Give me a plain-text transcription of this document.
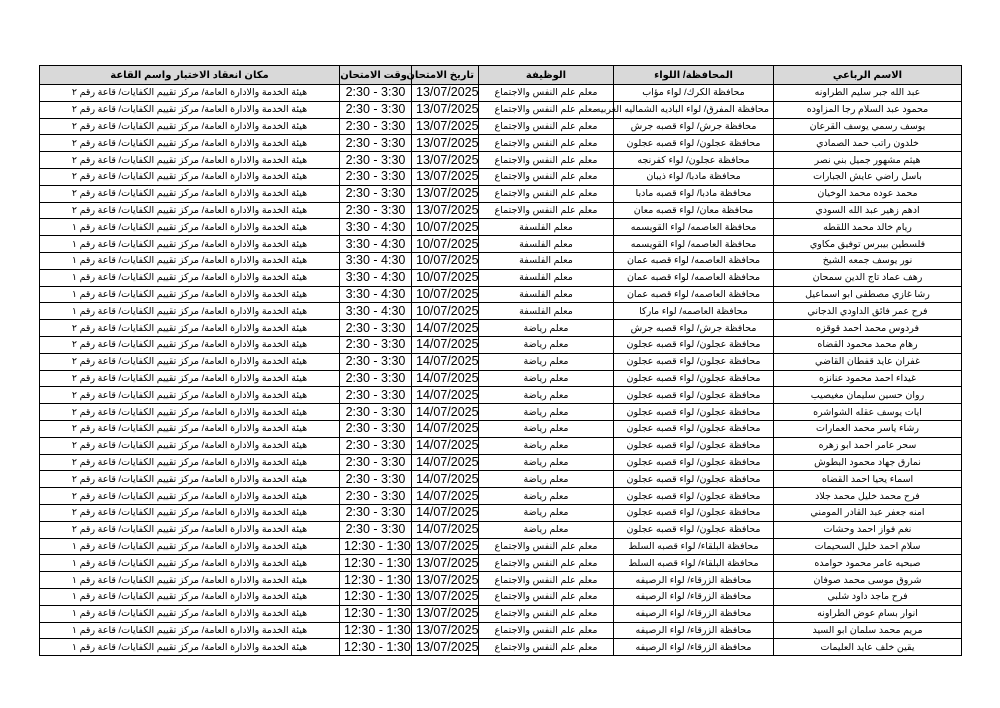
الاسم الرباعي	المحافظة/ اللواء	الوظيفة	تاريخ الامتحان	وقت الامتحان	مكان انعقاد الاختبار واسم القاعة
عبد الله جبر سليم الطراونه	محافظة الكرك/ لواء مؤاب	معلم علم النفس والاجتماع	13/07/2025	2:30 - 3:30	هيئة الخدمة والادارة العامة/ مركز تقييم الكفايات/ قاعة رقم ٢
محمود عبد السلام رجا المزاوده	محافظة المفرق/ لواء الباديه الشماليه الغربيه	معلم علم النفس والاجتماع	13/07/2025	2:30 - 3:30	هيئة الخدمة والادارة العامة/ مركز تقييم الكفايات/ قاعة رقم ٢
يوسف رسمي يوسف القرعان	محافظة جرش/ لواء قصبه جرش	معلم علم النفس والاجتماع	13/07/2025	2:30 - 3:30	هيئة الخدمة والادارة العامة/ مركز تقييم الكفايات/ قاعة رقم ٢
خلدون راتب حمد الصمادي	محافظة عجلون/ لواء قصبه عجلون	معلم علم النفس والاجتماع	13/07/2025	2:30 - 3:30	هيئة الخدمة والادارة العامة/ مركز تقييم الكفايات/ قاعة رقم ٢
هيثم مشهور جميل بني نصر	محافظة عجلون/ لواء كفرنجه	معلم علم النفس والاجتماع	13/07/2025	2:30 - 3:30	هيئة الخدمة والادارة العامة/ مركز تقييم الكفايات/ قاعة رقم ٢
باسل راضي عايش الجبارات	محافظة مادبا/ لواء ذيبان	معلم علم النفس والاجتماع	13/07/2025	2:30 - 3:30	هيئة الخدمة والادارة العامة/ مركز تقييم الكفايات/ قاعة رقم ٢
محمد عوده محمد الوخيان	محافظة مادبا/ لواء قصبه مادبا	معلم علم النفس والاجتماع	13/07/2025	2:30 - 3:30	هيئة الخدمة والادارة العامة/ مركز تقييم الكفايات/ قاعة رقم ٢
ادهم زهير عبد الله السودي	محافظة معان/ لواء قصبه معان	معلم علم النفس والاجتماع	13/07/2025	2:30 - 3:30	هيئة الخدمة والادارة العامة/ مركز تقييم الكفايات/ قاعة رقم ٢
ريام خالد محمد اللقطه	محافظة العاصمه/ لواء القويسمه	معلم الفلسفة	10/07/2025	3:30 - 4:30	هيئة الخدمة والادارة العامة/ مركز تقييم الكفايات/ قاعة رقم ١
فلسطين بيبرس توفيق مكاوي	محافظة العاصمه/ لواء القويسمه	معلم الفلسفة	10/07/2025	3:30 - 4:30	هيئة الخدمة والادارة العامة/ مركز تقييم الكفايات/ قاعة رقم ١
نور يوسف جمعه الشيخ	محافظة العاصمه/ لواء قصبه عمان	معلم الفلسفة	10/07/2025	3:30 - 4:30	هيئة الخدمة والادارة العامة/ مركز تقييم الكفايات/ قاعة رقم ١
رهف عماد تاج الدين سمحان	محافظة العاصمه/ لواء قصبه عمان	معلم الفلسفة	10/07/2025	3:30 - 4:30	هيئة الخدمة والادارة العامة/ مركز تقييم الكفايات/ قاعة رقم ١
رشا غازي مصطفى ابو اسماعيل	محافظة العاصمه/ لواء قصبه عمان	معلم الفلسفة	10/07/2025	3:30 - 4:30	هيئة الخدمة والادارة العامة/ مركز تقييم الكفايات/ قاعة رقم ١
فرح عمر فائق الداودي الدجاني	محافظة العاصمه/ لواء ماركا	معلم الفلسفة	10/07/2025	3:30 - 4:30	هيئة الخدمة والادارة العامة/ مركز تقييم الكفايات/ قاعة رقم ١
فردوس محمد احمد قوقزه	محافظة جرش/ لواء قصبه جرش	معلم رياضة	14/07/2025	2:30 - 3:30	هيئة الخدمة والادارة العامة/ مركز تقييم الكفايات/ قاعة رقم ٢
رهام محمد محمود القضاه	محافظة عجلون/ لواء قصبه عجلون	معلم رياضة	14/07/2025	2:30 - 3:30	هيئة الخدمة والادارة العامة/ مركز تقييم الكفايات/ قاعة رقم ٢
غفران عايد قفطان القاضي	محافظة عجلون/ لواء قصبه عجلون	معلم رياضة	14/07/2025	2:30 - 3:30	هيئة الخدمة والادارة العامة/ مركز تقييم الكفايات/ قاعة رقم ٢
غيداء احمد محمود عنانزه	محافظة عجلون/ لواء قصبه عجلون	معلم رياضة	14/07/2025	2:30 - 3:30	هيئة الخدمة والادارة العامة/ مركز تقييم الكفايات/ قاعة رقم ٢
روان حسين سليمان مغيصيب	محافظة عجلون/ لواء قصبه عجلون	معلم رياضة	14/07/2025	2:30 - 3:30	هيئة الخدمة والادارة العامة/ مركز تقييم الكفايات/ قاعة رقم ٢
ايات يوسف عقله الشواشره	محافظة عجلون/ لواء قصبه عجلون	معلم رياضة	14/07/2025	2:30 - 3:30	هيئة الخدمة والادارة العامة/ مركز تقييم الكفايات/ قاعة رقم ٢
رشاء ياسر محمد العمارات	محافظة عجلون/ لواء قصبه عجلون	معلم رياضة	14/07/2025	2:30 - 3:30	هيئة الخدمة والادارة العامة/ مركز تقييم الكفايات/ قاعة رقم ٢
سحر عامر احمد ابو زهره	محافظة عجلون/ لواء قصبه عجلون	معلم رياضة	14/07/2025	2:30 - 3:30	هيئة الخدمة والادارة العامة/ مركز تقييم الكفايات/ قاعة رقم ٢
نمارق جهاد محمود البطوش	محافظة عجلون/ لواء قصبه عجلون	معلم رياضة	14/07/2025	2:30 - 3:30	هيئة الخدمة والادارة العامة/ مركز تقييم الكفايات/ قاعة رقم ٢
اسماء يحيا احمد القضاه	محافظة عجلون/ لواء قصبه عجلون	معلم رياضة	14/07/2025	2:30 - 3:30	هيئة الخدمة والادارة العامة/ مركز تقييم الكفايات/ قاعة رقم ٢
فرح محمد خليل محمد جلاد	محافظة عجلون/ لواء قصبه عجلون	معلم رياضة	14/07/2025	2:30 - 3:30	هيئة الخدمة والادارة العامة/ مركز تقييم الكفايات/ قاعة رقم ٢
امنه جعفر عبد القادر المومني	محافظة عجلون/ لواء قصبه عجلون	معلم رياضة	14/07/2025	2:30 - 3:30	هيئة الخدمة والادارة العامة/ مركز تقييم الكفايات/ قاعة رقم ٢
نغم فواز احمد وحشات	محافظة عجلون/ لواء قصبه عجلون	معلم رياضة	14/07/2025	2:30 - 3:30	هيئة الخدمة والادارة العامة/ مركز تقييم الكفايات/ قاعة رقم ٢
سلام احمد خليل السحيمات	محافظة البلقاء/ لواء قصبه السلط	معلم علم النفس والاجتماع	13/07/2025	12:30 - 1:30	هيئة الخدمة والادارة العامة/ مركز تقييم الكفايات/ قاعة رقم ١
صبحيه عامر محمود حوامده	محافظة البلقاء/ لواء قصبه السلط	معلم علم النفس والاجتماع	13/07/2025	12:30 - 1:30	هيئة الخدمة والادارة العامة/ مركز تقييم الكفايات/ قاعة رقم ١
شروق موسى محمد صوفان	محافظة الزرقاء/ لواء الرصيفه	معلم علم النفس والاجتماع	13/07/2025	12:30 - 1:30	هيئة الخدمة والادارة العامة/ مركز تقييم الكفايات/ قاعة رقم ١
فرح ماجد داود شلبي	محافظة الزرقاء/ لواء الرصيفه	معلم علم النفس والاجتماع	13/07/2025	12:30 - 1:30	هيئة الخدمة والادارة العامة/ مركز تقييم الكفايات/ قاعة رقم ١
انوار بسام عوض الطراونه	محافظة الزرقاء/ لواء الرصيفه	معلم علم النفس والاجتماع	13/07/2025	12:30 - 1:30	هيئة الخدمة والادارة العامة/ مركز تقييم الكفايات/ قاعة رقم ١
مريم محمد سلمان ابو السيد	محافظة الزرقاء/ لواء الرصيفه	معلم علم النفس والاجتماع	13/07/2025	12:30 - 1:30	هيئة الخدمة والادارة العامة/ مركز تقييم الكفايات/ قاعة رقم ١
يقين خلف عايد العليمات	محافظة الزرقاء/ لواء الرصيفه	معلم علم النفس والاجتماع	13/07/2025	12:30 - 1:30	هيئة الخدمة والادارة العامة/ مركز تقييم الكفايات/ قاعة رقم ١
